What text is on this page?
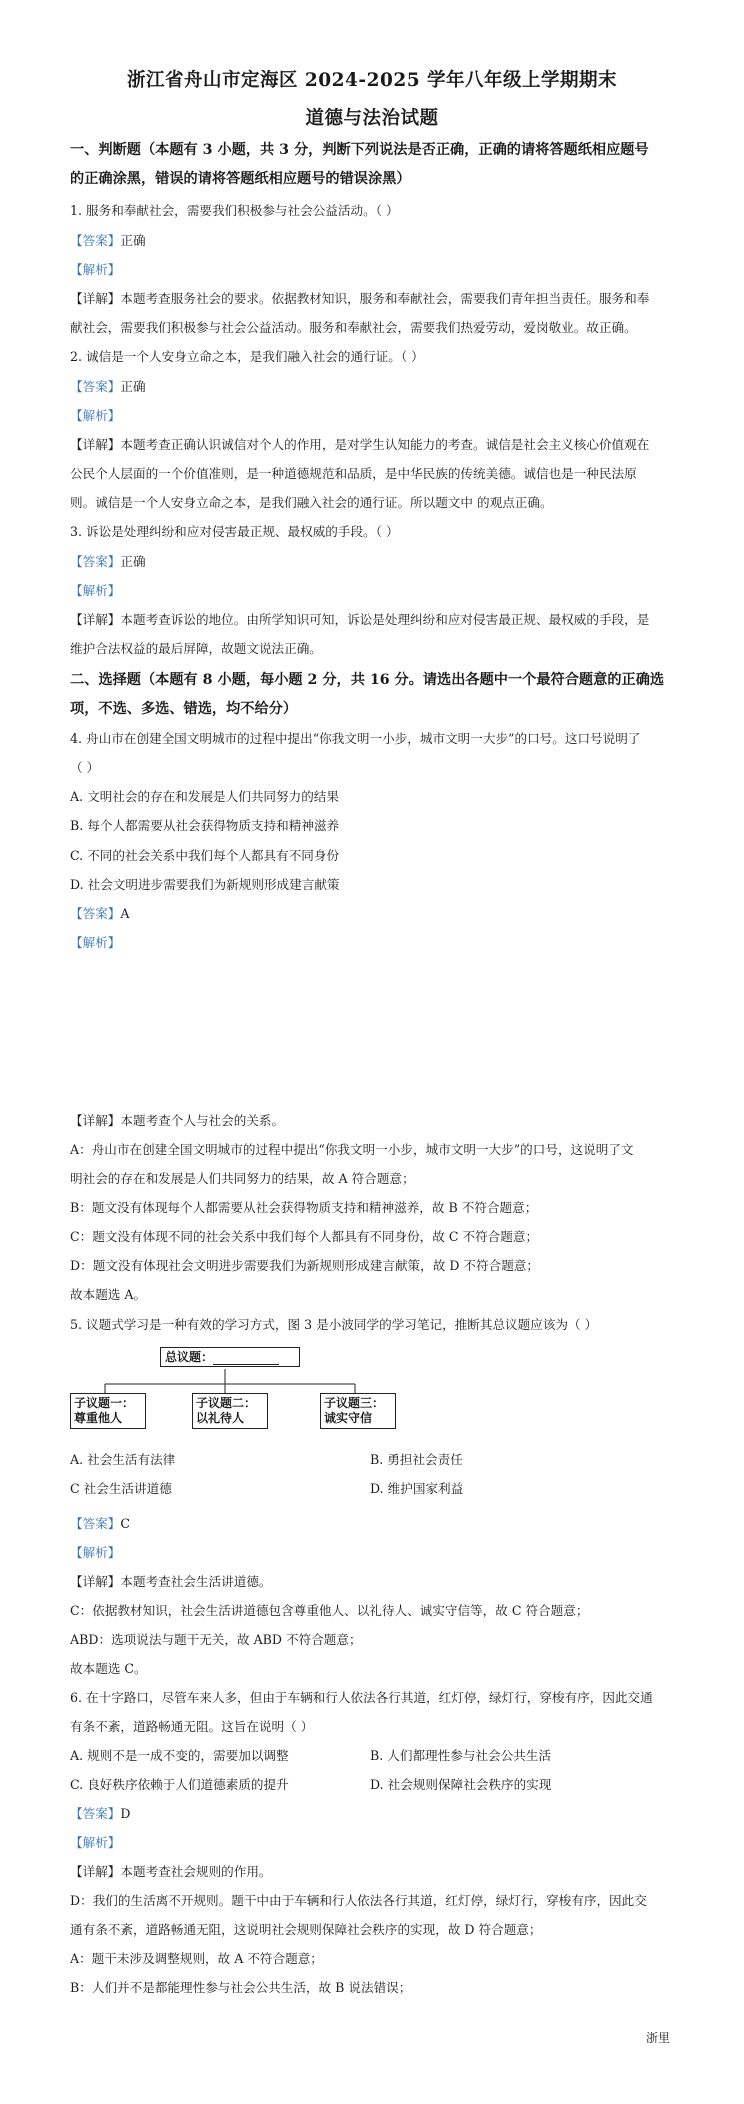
浙江省舟山市定海区 2024-2025 学年八年级上学期期末
道德与法治试题
一、判断题（本题有 3 小题，共 3 分，判断下列说法是否正确，正确的请将答题纸相应题号
的正确涂黑，错误的请将答题纸相应题号的错误涂黑）
1. 服务和奉献社会，需要我们积极参与社会公益活动。（ ）
【答案】正确
【解析】
【详解】本题考查服务社会的要求。依据教材知识，服务和奉献社会，需要我们青年担当责任。服务和奉
献社会，需要我们积极参与社会公益活动。服务和奉献社会，需要我们热爱劳动，爱岗敬业。故正确。
2. 诚信是一个人安身立命之本，是我们融入社会的通行证。（ ）
【答案】正确
【解析】
【详解】本题考查正确认识诚信对个人的作用，是对学生认知能力的考查。诚信是社会主义核心价值观在
公民个人层面的一个价值准则，是一种道德规范和品质，是中华民族的传统美德。诚信也是一种民法原
则。诚信是一个人安身立命之本，是我们融入社会的通行证。所以题文中 的观点正确。
3. 诉讼是处理纠纷和应对侵害最正规、最权威的手段。（ ）
【答案】正确
【解析】
【详解】本题考查诉讼的地位。由所学知识可知，诉讼是处理纠纷和应对侵害最正规、最权威的手段，是
维护合法权益的最后屏障，故题文说法正确。
二、选择题（本题有 8 小题，每小题 2 分，共 16 分。请选出各题中一个最符合题意的正确选
项，不选、多选、错选，均不给分）
4. 舟山市在创建全国文明城市的过程中提出“你我文明一小步，城市文明一大步”的口号。这口号说明了
（ ）
A. 文明社会的存在和发展是人们共同努力的结果
B. 每个人都需要从社会获得物质支持和精神滋养
C. 不同的社会关系中我们每个人都具有不同身份
D. 社会文明进步需要我们为新规则形成建言献策
【答案】A
【解析】
【详解】本题考查个人与社会的关系。
A：舟山市在创建全国文明城市的过程中提出“你我文明一小步，城市文明一大步”的口号，这说明了文
明社会的存在和发展是人们共同努力的结果，故 A 符合题意；
B：题文没有体现每个人都需要从社会获得物质支持和精神滋养，故 B 不符合题意；
C：题文没有体现不同的社会关系中我们每个人都具有不同身份，故 C 不符合题意；
D：题文没有体现社会文明进步需要我们为新规则形成建言献策，故 D 不符合题意；
故本题选 A。
5. 议题式学习是一种有效的学习方式，图 3 是小波同学的学习笔记，推断其总议题应该为（ ）
总议题：
子议题一：
尊重他人
子议题二：
以礼待人
子议题三：
诚实守信
A. 社会生活有法律	B. 勇担社会责任
C 社会生活讲道德	D. 维护国家利益
【答案】C
【解析】
【详解】本题考查社会生活讲道德。
C：依据教材知识，社会生活讲道德包含尊重他人、以礼待人、诚实守信等，故 C 符合题意；
ABD：选项说法与题干无关，故 ABD 不符合题意；
故本题选 C。
6. 在十字路口，尽管车来人多，但由于车辆和行人依法各行其道，红灯停，绿灯行，穿梭有序，因此交通
有条不紊，道路畅通无阻。这旨在说明（ ）
A. 规则不是一成不变的，需要加以调整	B. 人们都理性参与社会公共生活
C. 良好秩序依赖于人们道德素质的提升	D. 社会规则保障社会秩序的实现
【答案】D
【解析】
【详解】本题考查社会规则的作用。
D：我们的生活离不开规则。题干中由于车辆和行人依法各行其道，红灯停，绿灯行，穿梭有序，因此交
通有条不紊，道路畅通无阻，这说明社会规则保障社会秩序的实现，故 D 符合题意；
A：题干未涉及调整规则，故 A 不符合题意；
B：人们并不是都能理性参与社会公共生活，故 B 说法错误；
浙里
